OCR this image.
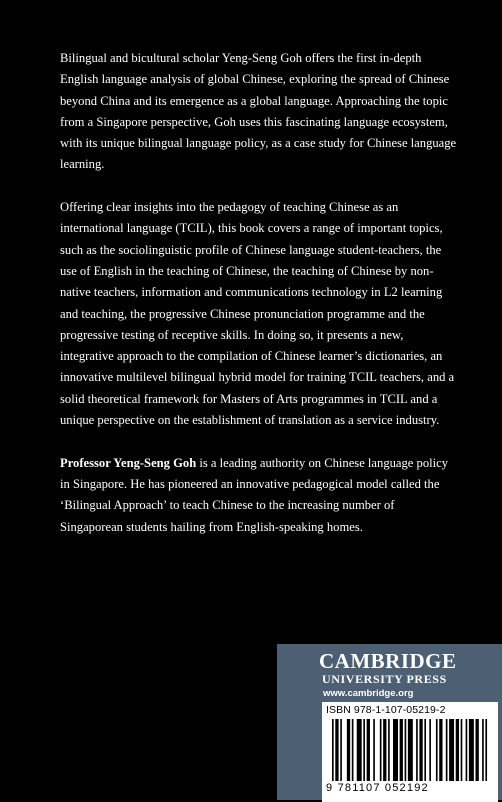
Bilingual and bicultural scholar Yeng-Seng Goh offers the first in-depth English language analysis of global Chinese, exploring the spread of Chinese beyond China and its emergence as a global language. Approaching the topic from a Singapore perspective, Goh uses this fascinating language ecosystem, with its unique bilingual language policy, as a case study for Chinese language learning.

Offering clear insights into the pedagogy of teaching Chinese as an international language (TCIL), this book covers a range of important topics, such as the sociolinguistic profile of Chinese language student-teachers, the use of English in the teaching of Chinese, the teaching of Chinese by non-native teachers, information and communications technology in L2 learning and teaching, the progressive Chinese pronunciation programme and the progressive testing of receptive skills. In doing so, it presents a new, integrative approach to the compilation of Chinese learner’s dictionaries, an innovative multilevel bilingual hybrid model for training TCIL teachers, and a solid theoretical framework for Masters of Arts programmes in TCIL and a unique perspective on the establishment of translation as a service industry.

Professor Yeng-Seng Goh is a leading authority on Chinese language policy in Singapore. He has pioneered an innovative pedagogical model called the ‘Bilingual Approach’ to teach Chinese to the increasing number of Singaporean students hailing from English-speaking homes.

CAMBRIDGE
UNIVERSITY PRESS
www.cambridge.org
ISBN 978-1-107-05219-2
9 781107 052192
